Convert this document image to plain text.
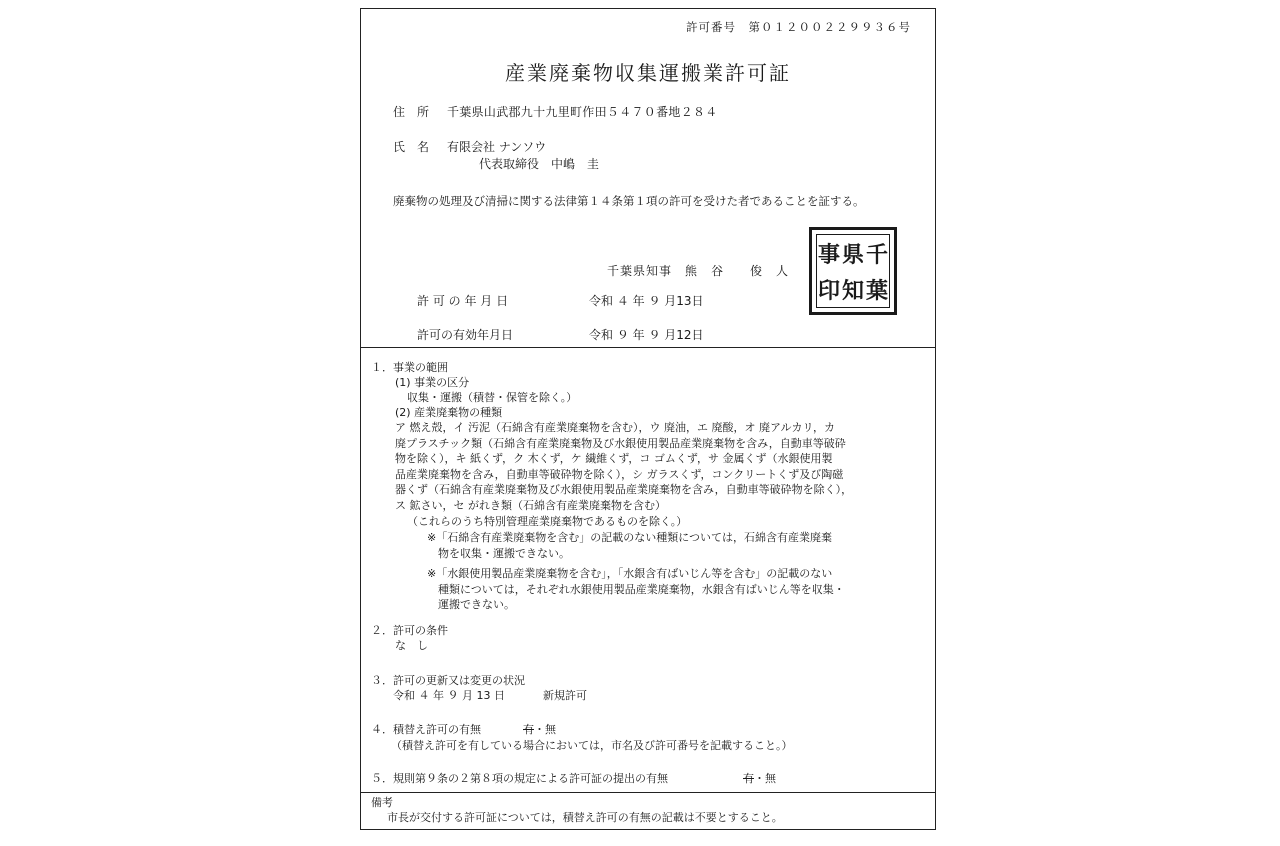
許可番号　第０１２００２２９９３６号
産業廃棄物収集運搬業許可証
住　所 千葉県山武郡九十九里町作田５４７０番地２８４
氏　名 有限会社 ナンソウ
代表取締役　中嶋　圭
廃棄物の処理及び清掃に関する法律第１４条第１項の許可を受けた者であることを証する。
千葉県知事　熊　谷　　俊　人
千
葉
県
知
事
印
許 可 の 年 月 日	令和 ４ 年 ９ 月13日
許可の有効年月日	令和 ９ 年 ９ 月12日
１．事業の範囲
(1) 事業の区分
収集・運搬（積替・保管を除く。）
(2) 産業廃棄物の種類
ア 燃え殻，イ 汚泥（石綿含有産業廃棄物を含む），ウ 廃油，エ 廃酸，オ 廃アルカリ，カ
廃プラスチック類（石綿含有産業廃棄物及び水銀使用製品産業廃棄物を含み，自動車等破砕
物を除く），キ 紙くず，ク 木くず，ケ 繊維くず，コ ゴムくず，サ 金属くず（水銀使用製
品産業廃棄物を含み，自動車等破砕物を除く），シ ガラスくず，コンクリートくず及び陶磁
器くず（石綿含有産業廃棄物及び水銀使用製品産業廃棄物を含み，自動車等破砕物を除く），
ス 鉱さい，セ がれき類（石綿含有産業廃棄物を含む）
（これらのうち特別管理産業廃棄物であるものを除く。）
※「石綿含有産業廃棄物を含む」の記載のない種類については，石綿含有産業廃棄
物を収集・運搬できない。
※「水銀使用製品産業廃棄物を含む」，「水銀含有ばいじん等を含む」の記載のない
種類については，それぞれ水銀使用製品産業廃棄物，水銀含有ばいじん等を収集・
運搬できない。
２．許可の条件
な　し
３．許可の更新又は変更の状況
令和 ４ 年 ９ 月 13 日	新規許可
４．積替え許可の有無	有・無
（積替え許可を有している場合においては，市名及び許可番号を記載すること。）
５．規則第９条の２第８項の規定による許可証の提出の有無	有・無
備考
市長が交付する許可証については，積替え許可の有無の記載は不要とすること。
